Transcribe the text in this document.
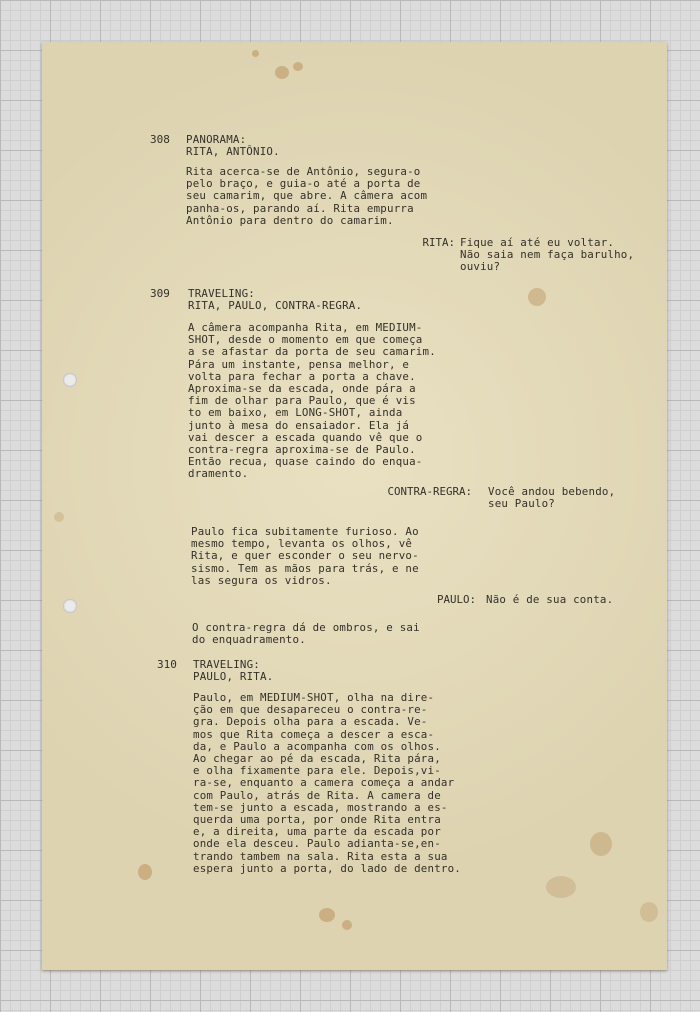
308 PANORAMA:
RITA, ANTÔNIO.

Rita acerca-se de Antônio, segura-o
pelo braço, e guia-o até a porta de
seu camarim, que abre. A câmera acom
panha-os, parando aí. Rita empurra
Antônio para dentro do camarim.

RITA: Fique aí até eu voltar.
Não saia nem faça barulho,
ouviu?

309 TRAVELING:
RITA, PAULO, CONTRA-REGRA.

A câmera acompanha Rita, em MEDIUM-
SHOT, desde o momento em que começa
a se afastar da porta de seu camarim.
Pára um instante, pensa melhor, e
volta para fechar a porta a chave.
Aproxima-se da escada, onde pára a
fim de olhar para Paulo, que é vis
to em baixo, em LONG-SHOT, ainda
junto à mesa do ensaiador. Ela já
vai descer a escada quando vê que o
contra-regra aproxima-se de Paulo.
Então recua, quase caindo do enqua-
dramento.

CONTRA-REGRA: Você andou bebendo,
seu Paulo?

Paulo fica subitamente furioso. Ao
mesmo tempo, levanta os olhos, vê
Rita, e quer esconder o seu nervo-
sismo. Tem as mãos para trás, e ne
las segura os vidros.

PAULO: Não é de sua conta.

O contra-regra dá de ombros, e sai
do enquadramento.

310 TRAVELING:
PAULO, RITA.

Paulo, em MEDIUM-SHOT, olha na dire-
ção em que desapareceu o contra-re-
gra. Depois olha para a escada. Ve-
mos que Rita começa a descer a esca-
da, e Paulo a acompanha com os olhos.
Ao chegar ao pé da escada, Rita pára,
e olha fixamente para ele. Depois,vi-
ra-se, enquanto a camera começa a andar
com Paulo, atrás de Rita. A camera de
tem-se junto a escada, mostrando a es-
querda uma porta, por onde Rita entra
e, a direita, uma parte da escada por
onde ela desceu. Paulo adianta-se,en-
trando tambem na sala. Rita esta a sua
espera junto a porta, do lado de dentro.
